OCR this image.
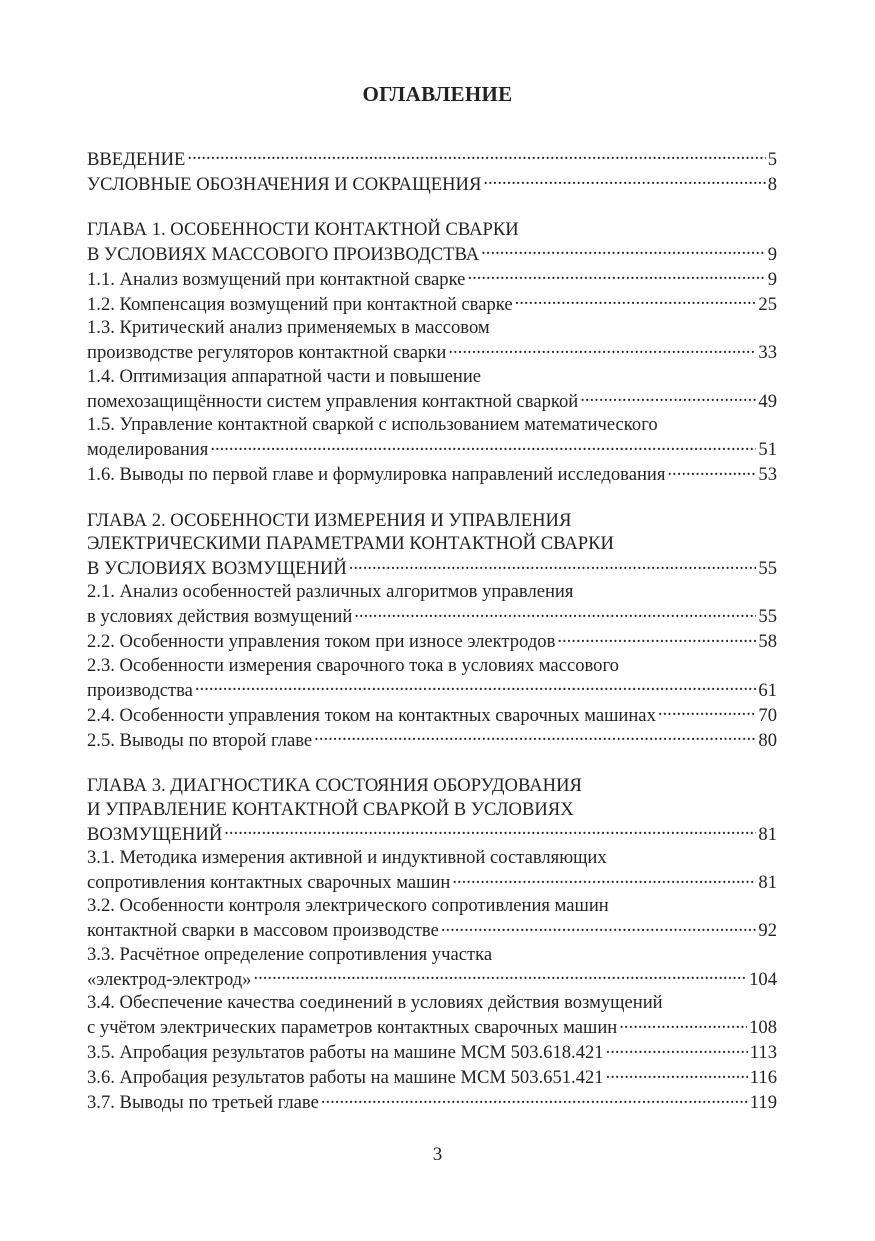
ОГЛАВЛЕНИЕ
ВВЕДЕНИЕ .....	5
УСЛОВНЫЕ ОБОЗНАЧЕНИЯ И СОКРАЩЕНИЯ .....	8
ГЛАВА 1. ОСОБЕННОСТИ КОНТАКТНОЙ СВАРКИ
В УСЛОВИЯХ МАССОВОГО ПРОИЗВОДСТВА .....	9
1.1. Анализ возмущений при контактной сварке .....	9
1.2. Компенсация возмущений при контактной сварке .....	25
1.3. Критический анализ применяемых в массовом
производстве регуляторов контактной сварки .....	33
1.4. Оптимизация аппаратной части и повышение
помехозащищённости систем управления контактной сваркой .....	49
1.5. Управление контактной сваркой с использованием математического
моделирования .....	51
1.6. Выводы по первой главе и формулировка направлений исследования .....	53
ГЛАВА 2. ОСОБЕННОСТИ ИЗМЕРЕНИЯ И УПРАВЛЕНИЯ
ЭЛЕКТРИЧЕСКИМИ ПАРАМЕТРАМИ КОНТАКТНОЙ СВАРКИ
В УСЛОВИЯХ ВОЗМУЩЕНИЙ .....	55
2.1. Анализ особенностей различных алгоритмов управления
в условиях действия возмущений .....	55
2.2. Особенности управления током при износе электродов .....	58
2.3. Особенности измерения сварочного тока в условиях массового
производства .....	61
2.4. Особенности управления током на контактных сварочных машинах .....	70
2.5. Выводы по второй главе .....	80
ГЛАВА 3. ДИАГНОСТИКА СОСТОЯНИЯ ОБОРУДОВАНИЯ
И УПРАВЛЕНИЕ КОНТАКТНОЙ СВАРКОЙ В УСЛОВИЯХ
ВОЗМУЩЕНИЙ .....	81
3.1. Методика измерения активной и индуктивной составляющих
сопротивления контактных сварочных машин .....	81
3.2. Особенности контроля электрического сопротивления машин
контактной сварки в массовом производстве .....	92
3.3. Расчётное определение сопротивления участка
«электрод-электрод» .....	104
3.4. Обеспечение качества соединений в условиях действия возмущений
с учётом электрических параметров контактных сварочных машин .....	108
3.5. Апробация результатов работы на машине МСМ 503.618.421 .....	113
3.6. Апробация результатов работы на машине МСМ 503.651.421 .....	116
3.7. Выводы по третьей главе .....	119
3
